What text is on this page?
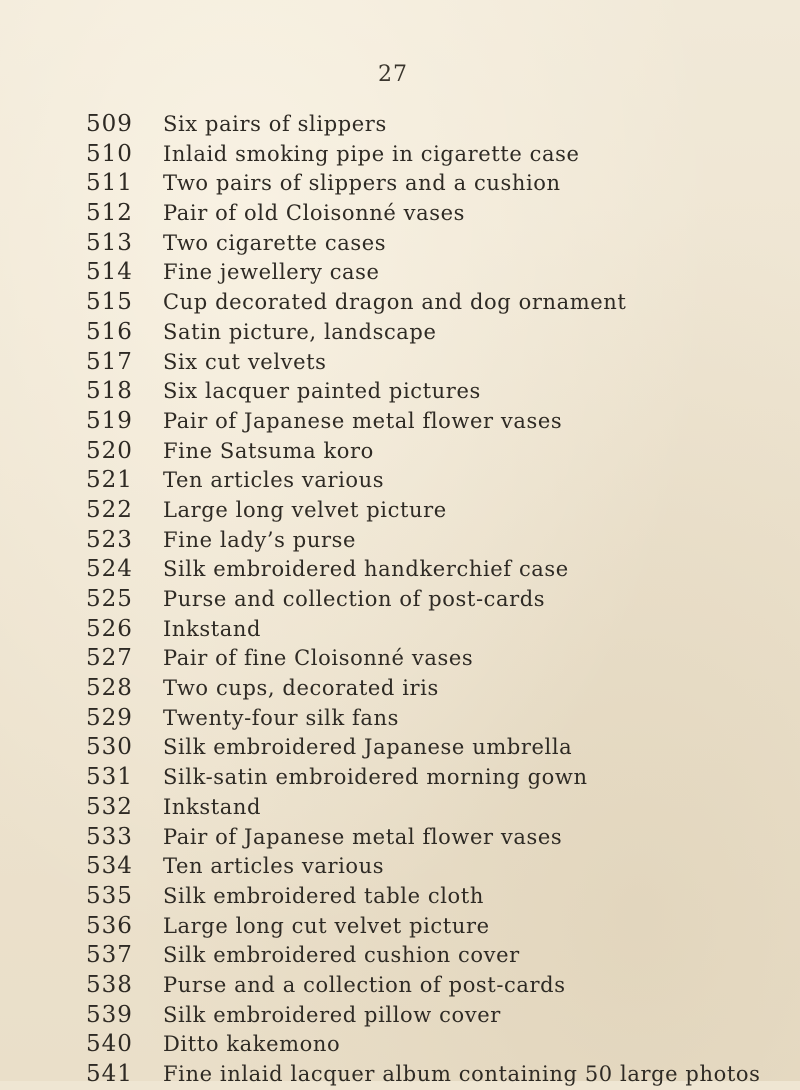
27
509 Six pairs of slippers
510 Inlaid smoking pipe in cigarette case
511 Two pairs of slippers and a cushion
512 Pair of old Cloisonné vases
513 Two cigarette cases
514 Fine jewellery case
515 Cup decorated dragon and dog ornament
516 Satin picture, landscape
517 Six cut velvets
518 Six lacquer painted pictures
519 Pair of Japanese metal flower vases
520 Fine Satsuma koro
521 Ten articles various
522 Large long velvet picture
523 Fine lady’s purse
524 Silk embroidered handkerchief case
525 Purse and collection of post-cards
526 Inkstand
527 Pair of fine Cloisonné vases
528 Two cups, decorated iris
529 Twenty-four silk fans
530 Silk embroidered Japanese umbrella
531 Silk-satin embroidered morning gown
532 Inkstand
533 Pair of Japanese metal flower vases
534 Ten articles various
535 Silk embroidered table cloth
536 Large long cut velvet picture
537 Silk embroidered cushion cover
538 Purse and a collection of post-cards
539 Silk embroidered pillow cover
540 Ditto kakemono
541 Fine inlaid lacquer album containing 50 large photos
